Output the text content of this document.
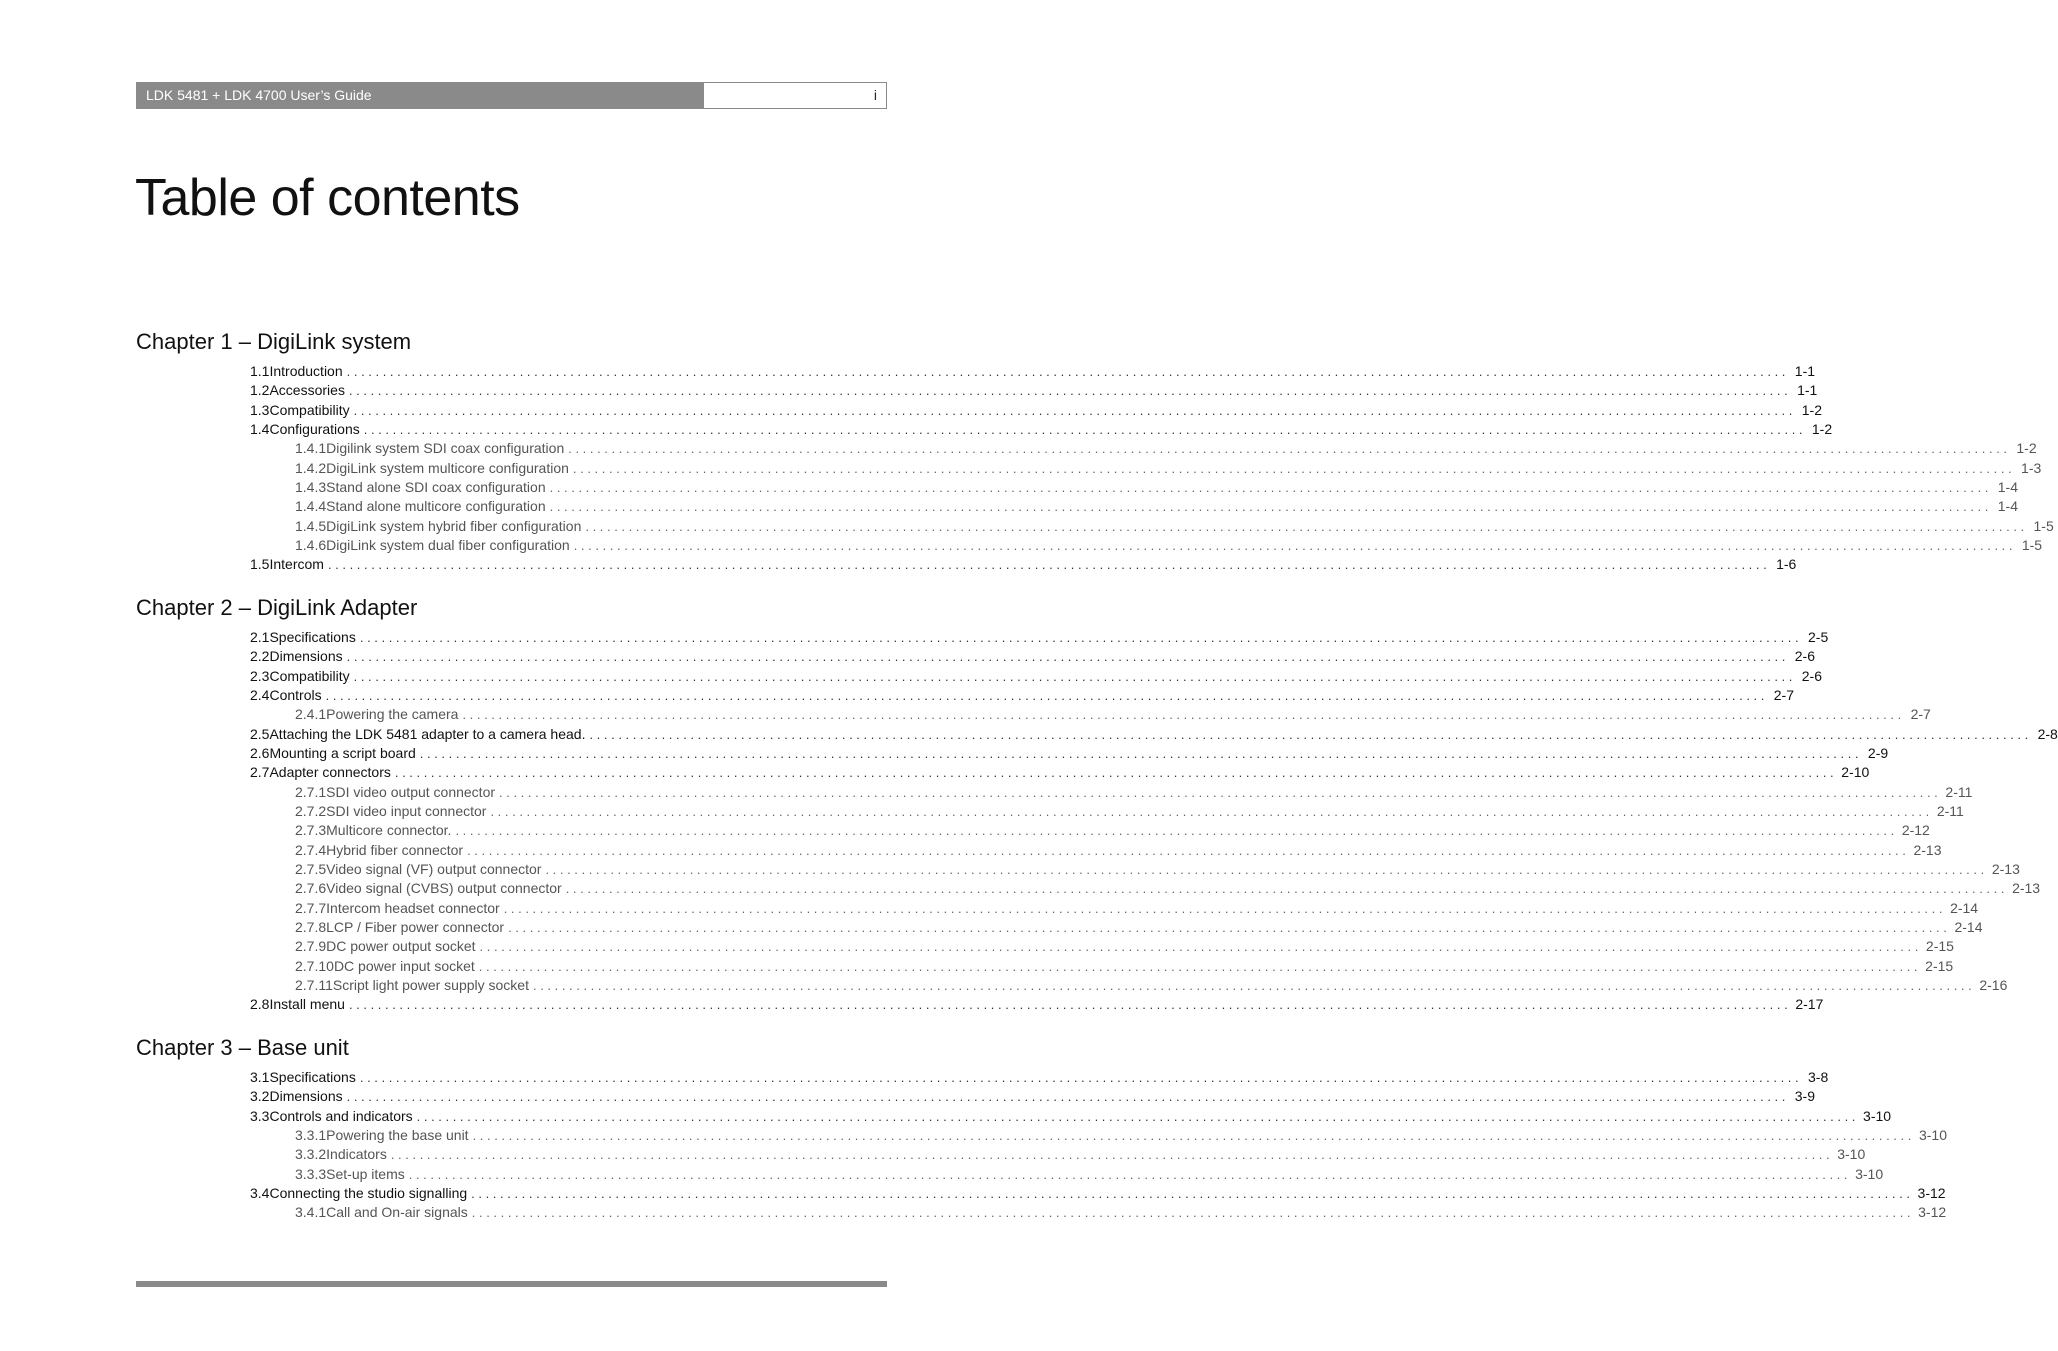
LDK 5481 + LDK 4700 User’s Guide	i
Table of contents
Chapter 1 – DigiLink system
1.1 Introduction ........................................................................................................................................................................................................ 1-1
1.2 Accessories ........................................................................................................................................................................................................ 1-1
1.3 Compatibility ........................................................................................................................................................................................................ 1-2
1.4 Configurations ........................................................................................................................................................................................................ 1-2
1.4.1 Digilink system SDI coax configuration ........................................................................................................................................................................................................ 1-2
1.4.2 DigiLink system multicore configuration ........................................................................................................................................................................................................ 1-3
1.4.3 Stand alone SDI coax configuration ........................................................................................................................................................................................................ 1-4
1.4.4 Stand alone multicore configuration ........................................................................................................................................................................................................ 1-4
1.4.5 DigiLink system hybrid fiber configuration ........................................................................................................................................................................................................ 1-5
1.4.6 DigiLink system dual fiber configuration ........................................................................................................................................................................................................ 1-5
1.5 Intercom ........................................................................................................................................................................................................ 1-6
Chapter 2 – DigiLink Adapter
2.1 Specifications ........................................................................................................................................................................................................ 2-5
2.2 Dimensions ........................................................................................................................................................................................................ 2-6
2.3 Compatibility ........................................................................................................................................................................................................ 2-6
2.4 Controls ........................................................................................................................................................................................................ 2-7
2.4.1 Powering the camera ........................................................................................................................................................................................................ 2-7
2.5 Attaching the LDK 5481 adapter to a camera head. ........................................................................................................................................................................................................ 2-8
2.6 Mounting a script board ........................................................................................................................................................................................................ 2-9
2.7 Adapter connectors ........................................................................................................................................................................................................ 2-10
2.7.1 SDI video output connector ........................................................................................................................................................................................................ 2-11
2.7.2 SDI video input connector ........................................................................................................................................................................................................ 2-11
2.7.3 Multicore connector. ........................................................................................................................................................................................................ 2-12
2.7.4 Hybrid fiber connector ........................................................................................................................................................................................................ 2-13
2.7.5 Video signal (VF) output connector ........................................................................................................................................................................................................ 2-13
2.7.6 Video signal (CVBS) output connector ........................................................................................................................................................................................................ 2-13
2.7.7 Intercom headset connector ........................................................................................................................................................................................................ 2-14
2.7.8 LCP / Fiber power connector ........................................................................................................................................................................................................ 2-14
2.7.9 DC power output socket ........................................................................................................................................................................................................ 2-15
2.7.10 DC power input socket ........................................................................................................................................................................................................ 2-15
2.7.11 Script light power supply socket ........................................................................................................................................................................................................ 2-16
2.8 Install menu ........................................................................................................................................................................................................ 2-17
Chapter 3 – Base unit
3.1 Specifications ........................................................................................................................................................................................................ 3-8
3.2 Dimensions ........................................................................................................................................................................................................ 3-9
3.3 Controls and indicators ........................................................................................................................................................................................................ 3-10
3.3.1 Powering the base unit ........................................................................................................................................................................................................ 3-10
3.3.2 Indicators ........................................................................................................................................................................................................ 3-10
3.3.3 Set-up items ........................................................................................................................................................................................................ 3-10
3.4 Connecting the studio signalling ........................................................................................................................................................................................................ 3-12
3.4.1 Call and On-air signals ........................................................................................................................................................................................................ 3-12
